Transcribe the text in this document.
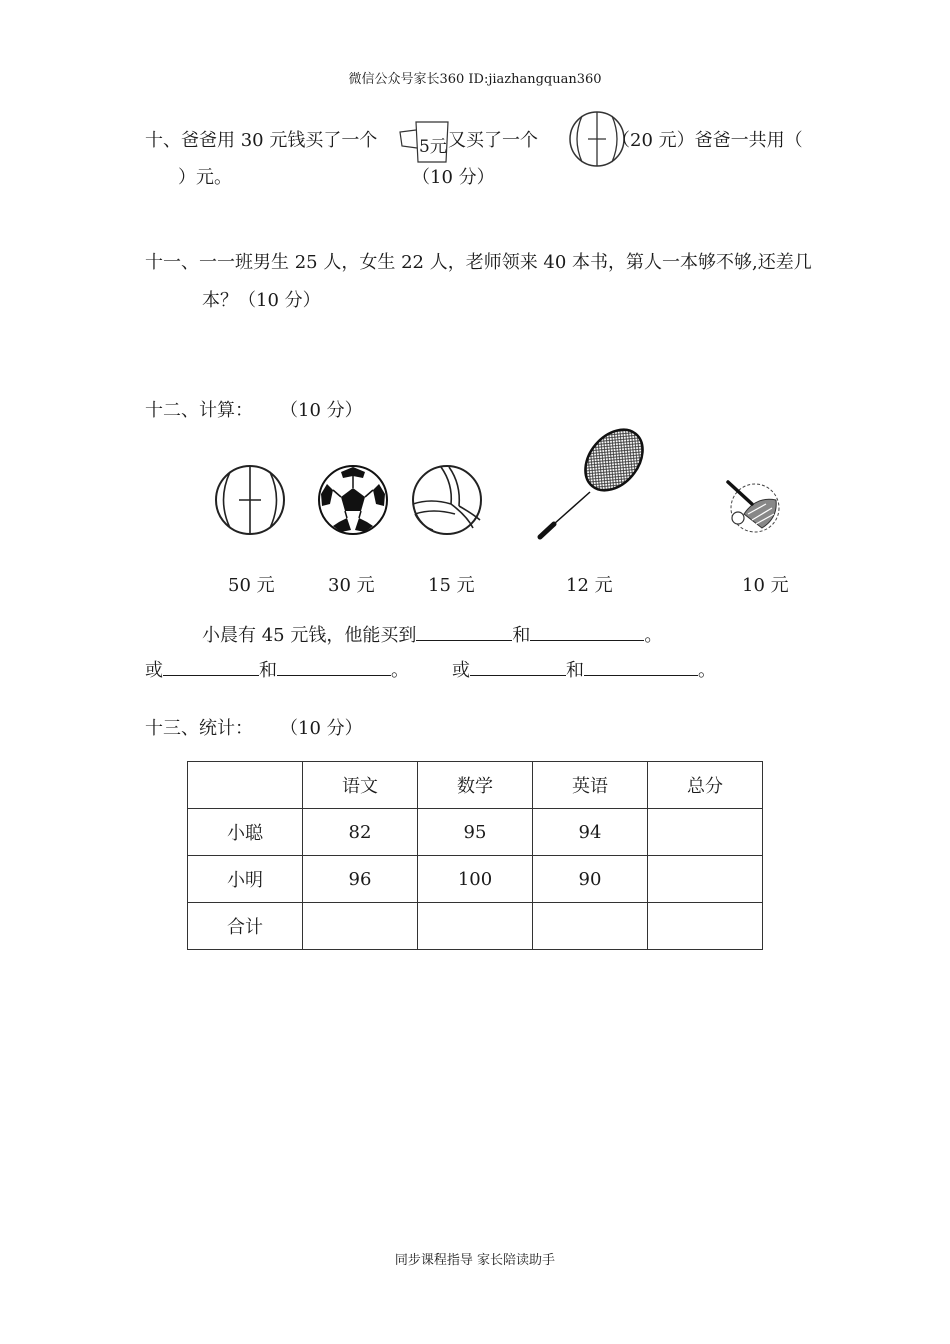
微信公众号家长360 ID:jiazhangquan360
十、爸爸用 30 元钱买了一个 5元 又买了一个	（20 元）爸爸一共用（
）元。	（10 分）
十一、一一班男生 25 人，女生 22 人，老师领来 40 本书，第人一本够不够,还差几
本？（10 分）
十二、计算： （10 分）
50 元	30 元	15 元	12 元	10 元
小晨有 45 元钱，他能买到	和	。
或	和	。 或	和	。
十三、统计： （10 分）
	语文	数学	英语	总分
小聪	82	95	94	
小明	96	100	90	
合计				
同步课程指导 家长陪读助手
